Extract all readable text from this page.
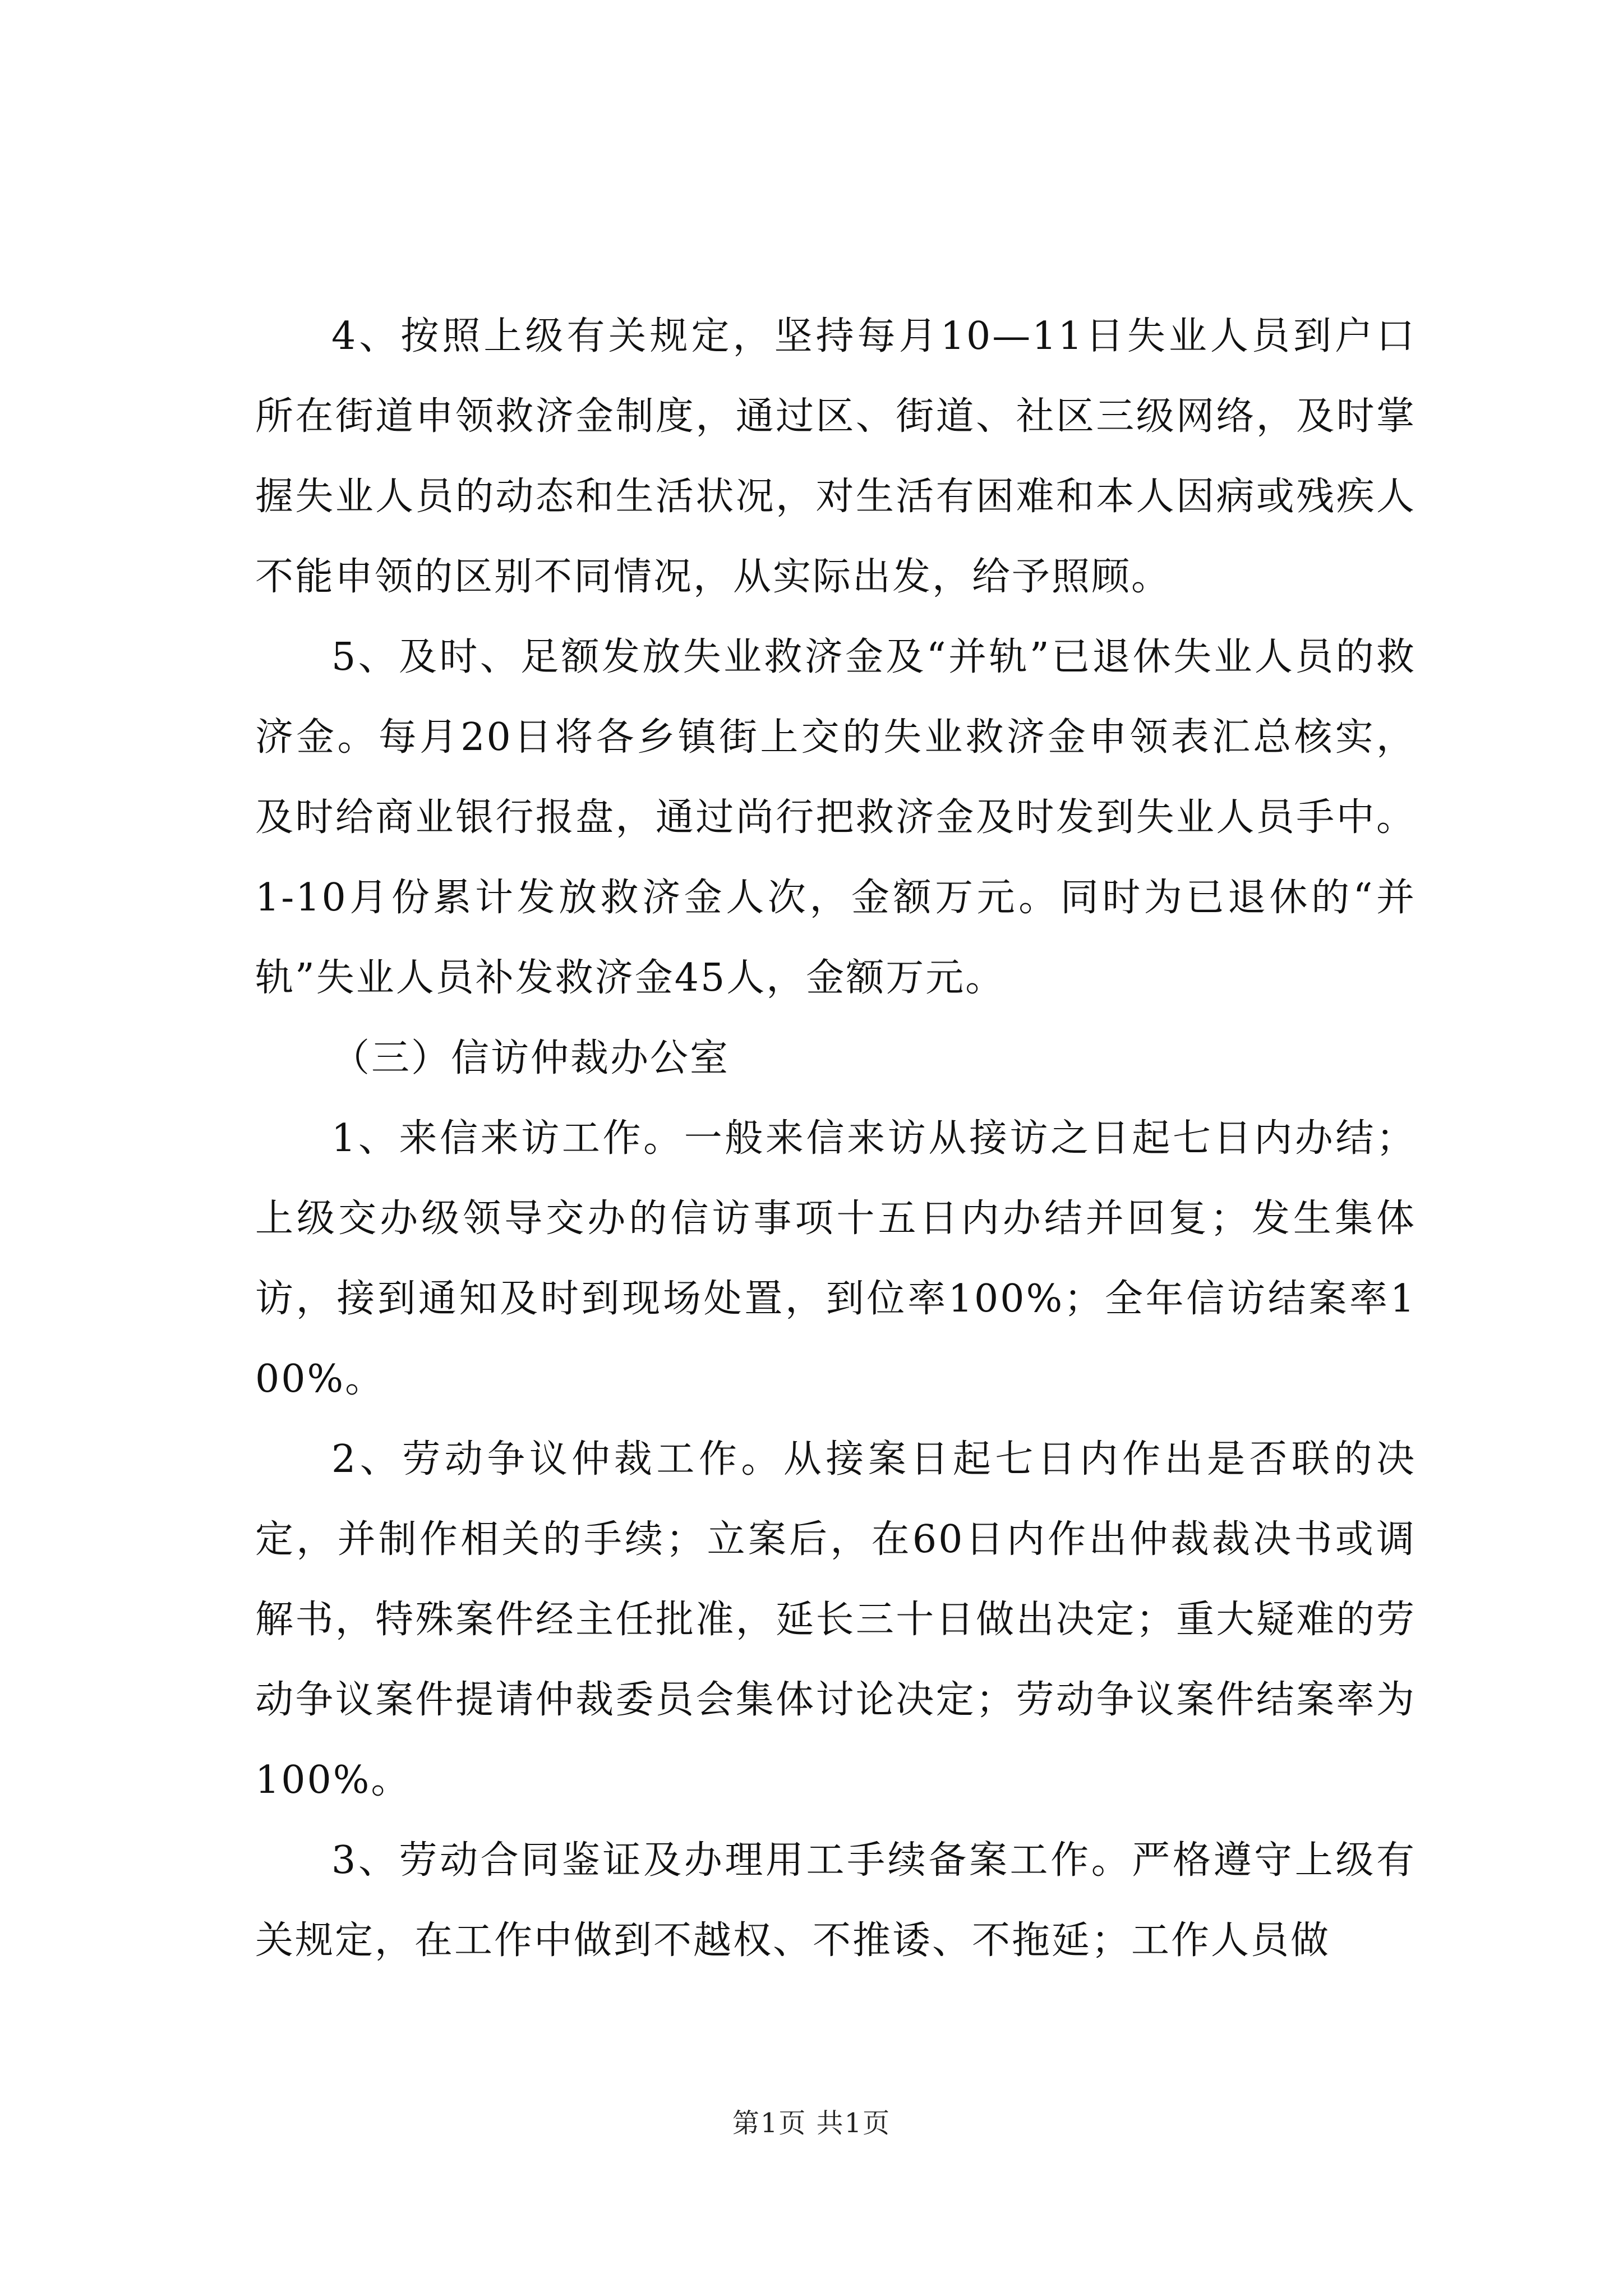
4、按照上级有关规定，坚持每月10—11日失业人员到户口所在街道申领救济金制度，通过区、街道、社区三级网络，及时掌握失业人员的动态和生活状况，对生活有困难和本人因病或残疾人不能申领的区别不同情况，从实际出发，给予照顾。

5、及时、足额发放失业救济金及“并轨”已退休失业人员的救济金。每月20日将各乡镇街上交的失业救济金申领表汇总核实，及时给商业银行报盘，通过尚行把救济金及时发到失业人员手中。1-10月份累计发放救济金人次，金额万元。同时为已退休的“并轨”失业人员补发救济金45人，金额万元。

（三）信访仲裁办公室

1、来信来访工作。一般来信来访从接访之日起七日内办结；上级交办级领导交办的信访事项十五日内办结并回复；发生集体访，接到通知及时到现场处置，到位率100%；全年信访结案率100%。

2、劳动争议仲裁工作。从接案日起七日内作出是否联的决定，并制作相关的手续；立案后，在60日内作出仲裁裁决书或调解书，特殊案件经主任批准，延长三十日做出决定；重大疑难的劳动争议案件提请仲裁委员会集体讨论决定；劳动争议案件结案率为100%。

3、劳动合同鉴证及办理用工手续备案工作。严格遵守上级有关规定，在工作中做到不越权、不推诿、不拖延；工作人员做

第1页 共1页
